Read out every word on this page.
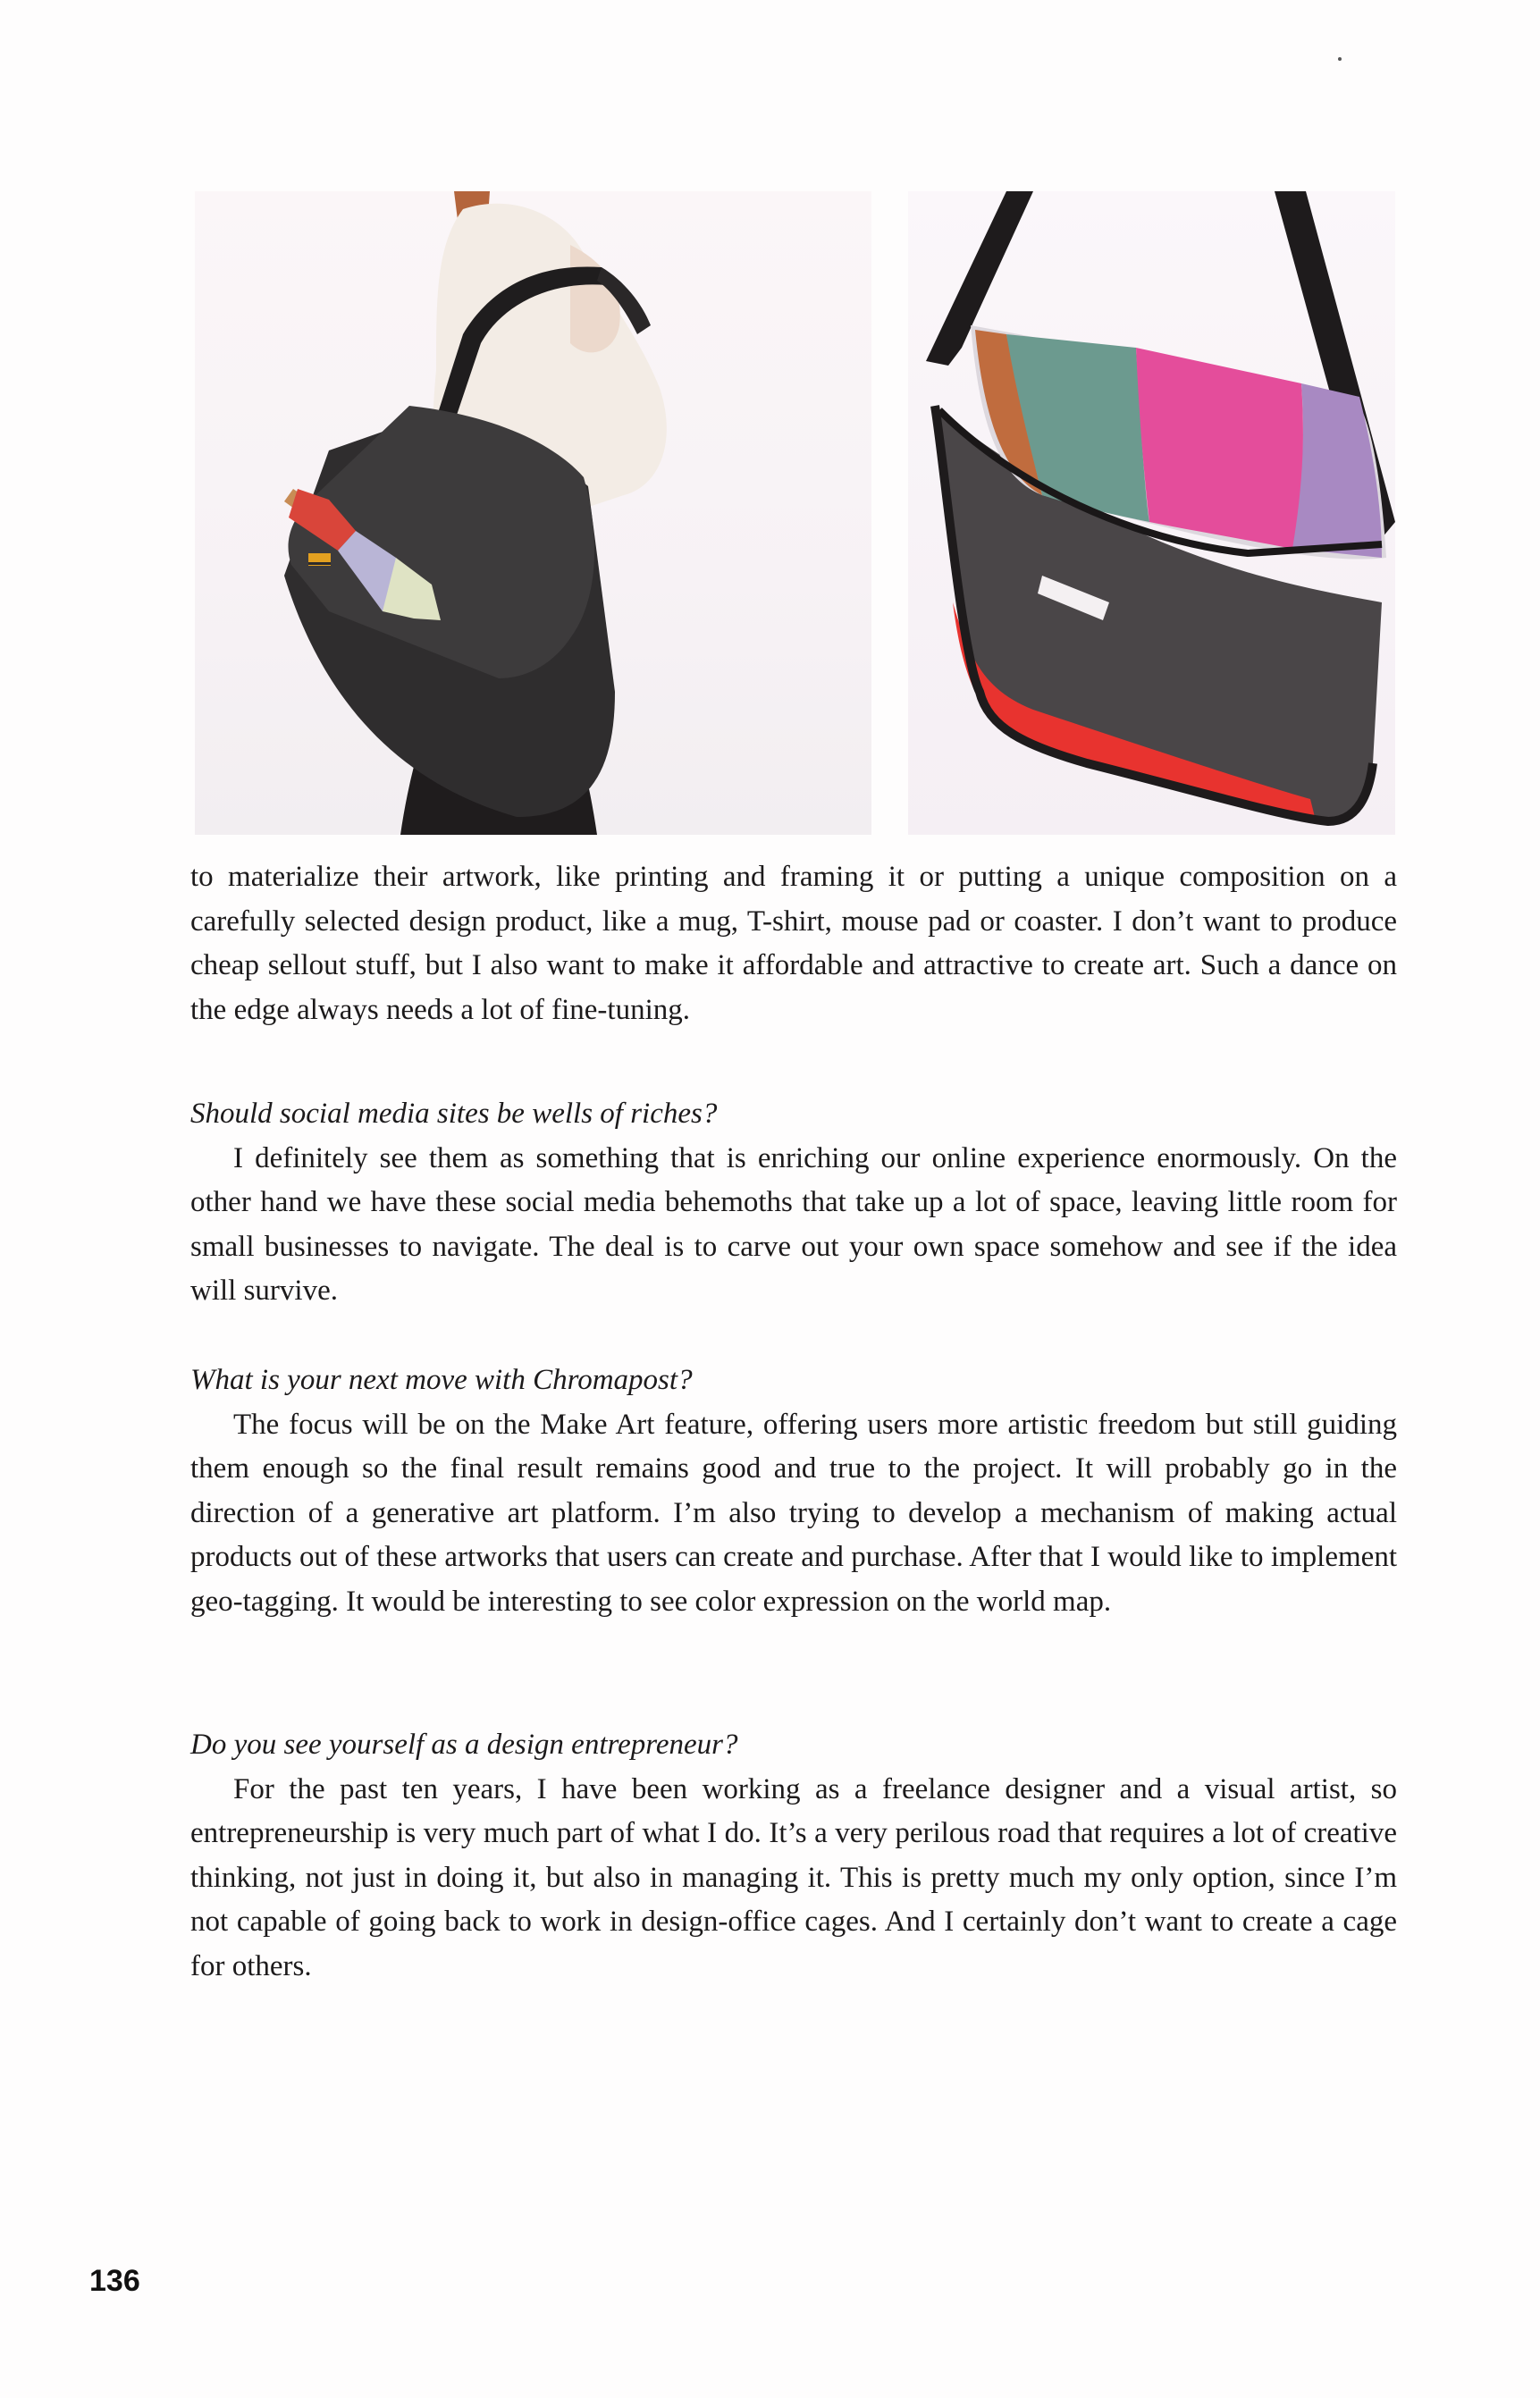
to materialize their artwork, like printing and framing it or putting a unique composition on a carefully selected design product, like a mug, T-shirt, mouse pad or coaster. I don’t want to produce cheap sellout stuff, but I also want to make it affordable and attractive to create art. Such a dance on the edge always needs a lot of fine-tuning.

Should social media sites be wells of riches?

I definitely see them as something that is enriching our online experience enormously. On the other hand we have these social media behemoths that take up a lot of space, leaving little room for small businesses to navigate. The deal is to carve out your own space somehow and see if the idea will survive.

What is your next move with Chromapost?

The focus will be on the Make Art feature, offering users more artistic freedom but still guiding them enough so the final result remains good and true to the project. It will probably go in the direction of a generative art platform. I’m also trying to develop a mechanism of making actual products out of these artworks that users can create and purchase. After that I would like to implement geo-tagging. It would be interesting to see color expression on the world map.

Do you see yourself as a design entrepreneur?

For the past ten years, I have been working as a freelance designer and a visual artist, so entrepreneurship is very much part of what I do. It’s a very perilous road that requires a lot of creative thinking, not just in doing it, but also in managing it. This is pretty much my only option, since I’m not capable of going back to work in design-office cages. And I certainly don’t want to create a cage for others.

136
